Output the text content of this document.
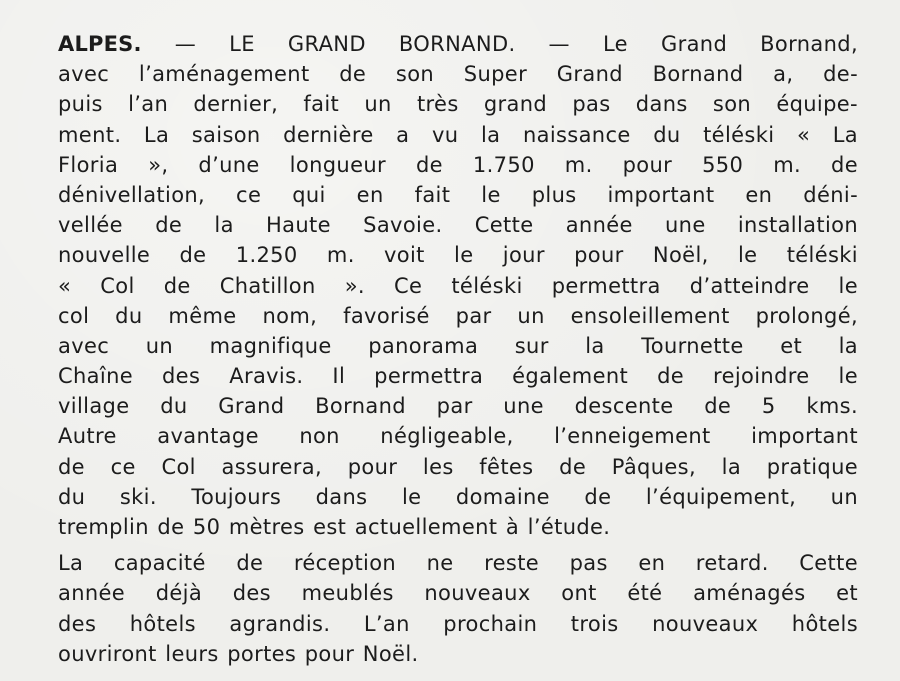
ALPES. — LE GRAND BORNAND. — Le Grand Bornand,
avec l’aménagement de son Super Grand Bornand a, de-
puis l’an dernier, fait un très grand pas dans son équipe-
ment. La saison dernière a vu la naissance du téléski « La
Floria », d’une longueur de 1.750 m. pour 550 m. de
dénivellation, ce qui en fait le plus important en déni-
vellée de la Haute Savoie. Cette année une installation
nouvelle de 1.250 m. voit le jour pour Noël, le téléski
« Col de Chatillon ». Ce téléski permettra d’atteindre le
col du même nom, favorisé par un ensoleillement prolongé,
avec un magnifique panorama sur la Tournette et la
Chaîne des Aravis. Il permettra également de rejoindre le
village du Grand Bornand par une descente de 5 kms.
Autre avantage non négligeable, l’enneigement important
de ce Col assurera, pour les fêtes de Pâques, la pratique
du ski. Toujours dans le domaine de l’équipement, un
tremplin de 50 mètres est actuellement à l’étude.
La capacité de réception ne reste pas en retard. Cette
année déjà des meublés nouveaux ont été aménagés et
des hôtels agrandis. L’an prochain trois nouveaux hôtels
ouvriront leurs portes pour Noël.
